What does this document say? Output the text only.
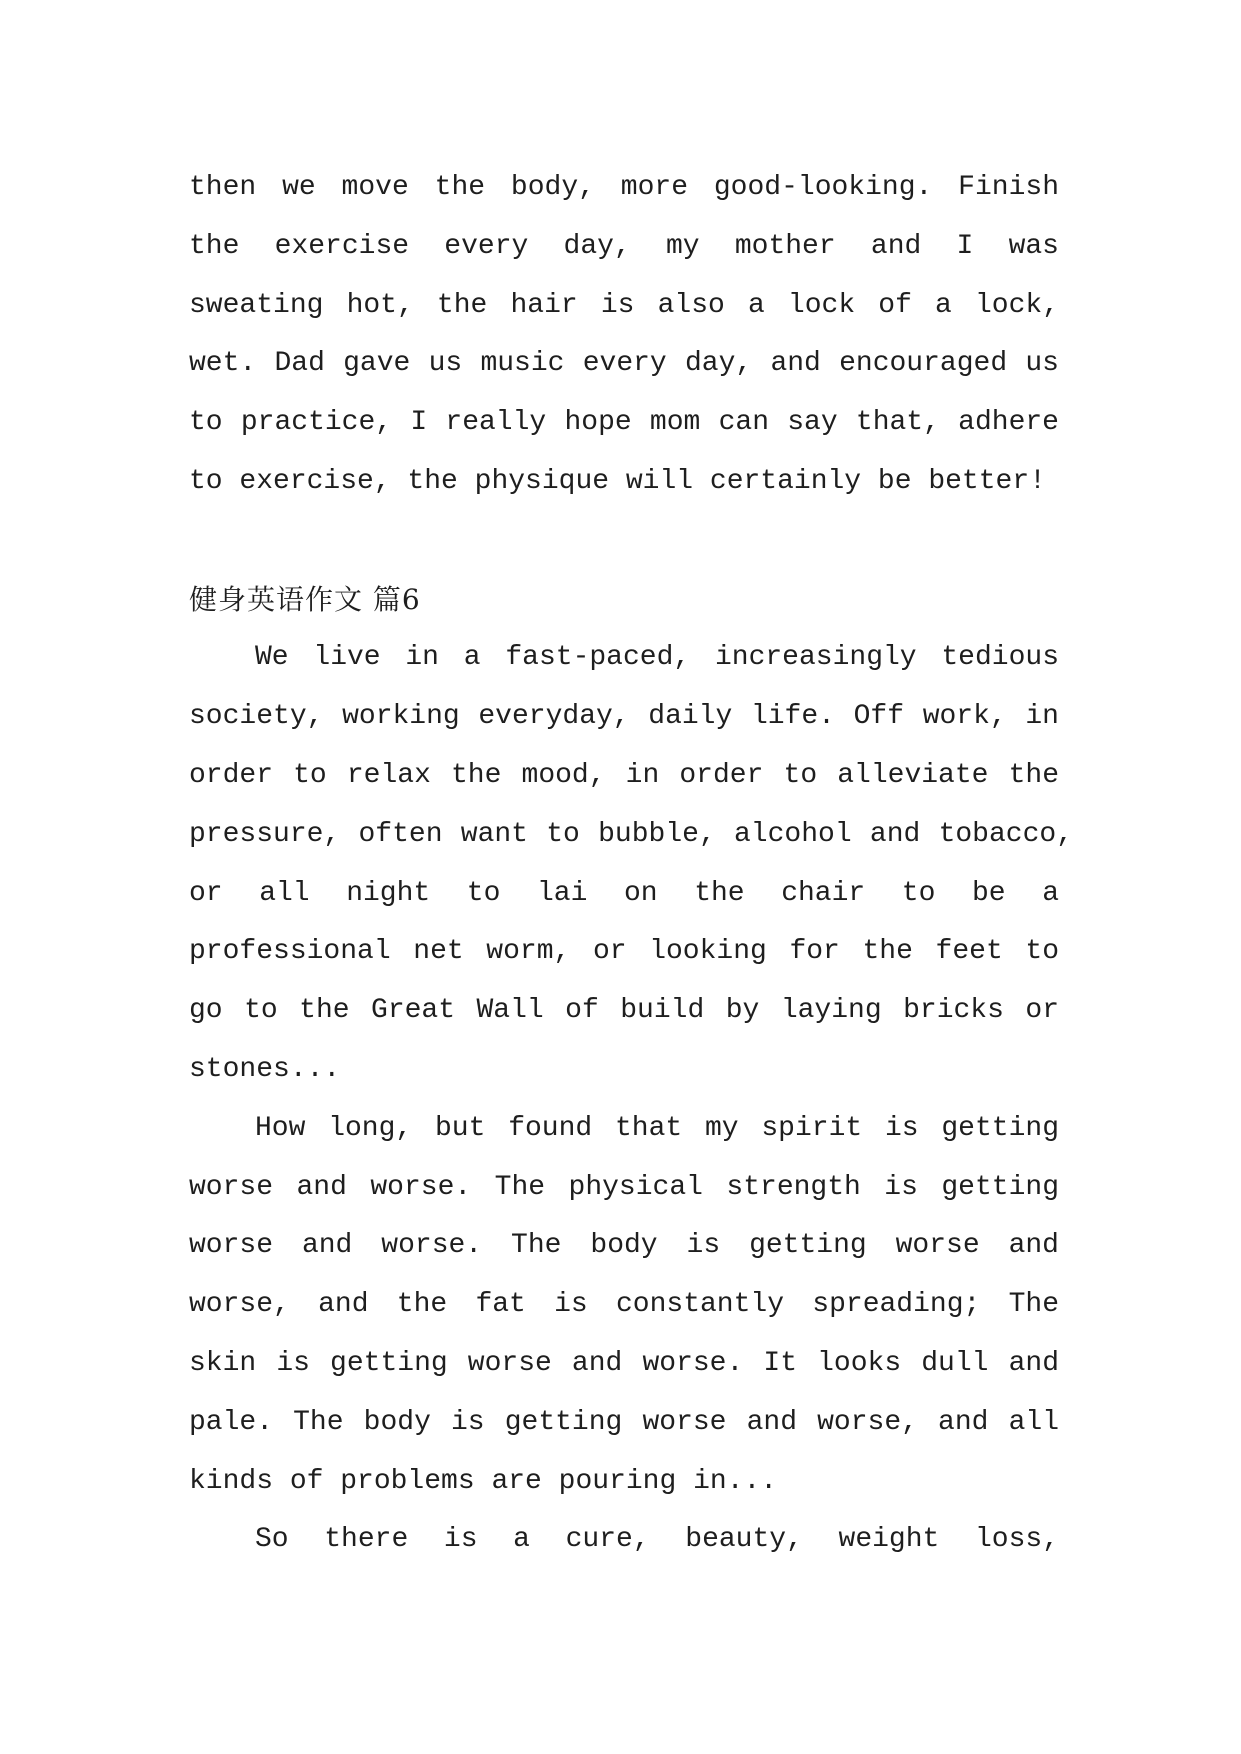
then we move the body, more good-looking. Finish
the exercise every day, my mother and I was
sweating hot, the hair is also a lock of a lock,
wet. Dad gave us music every day, and encouraged us
to practice, I really hope mom can say that, adhere
to exercise, the physique will certainly be better!
健身英语作文 篇6
We live in a fast-paced, increasingly tedious
society, working everyday, daily life. Off work, in
order to relax the mood, in order to alleviate the
pressure, often want to bubble, alcohol and tobacco,
or all night to lai on the chair to be a
professional net worm, or looking for the feet to
go to the Great Wall of build by laying bricks or
stones...
How long, but found that my spirit is getting
worse and worse. The physical strength is getting
worse and worse. The body is getting worse and
worse, and the fat is constantly spreading; The
skin is getting worse and worse. It looks dull and
pale. The body is getting worse and worse, and all
kinds of problems are pouring in...
So there is a cure, beauty, weight loss,
